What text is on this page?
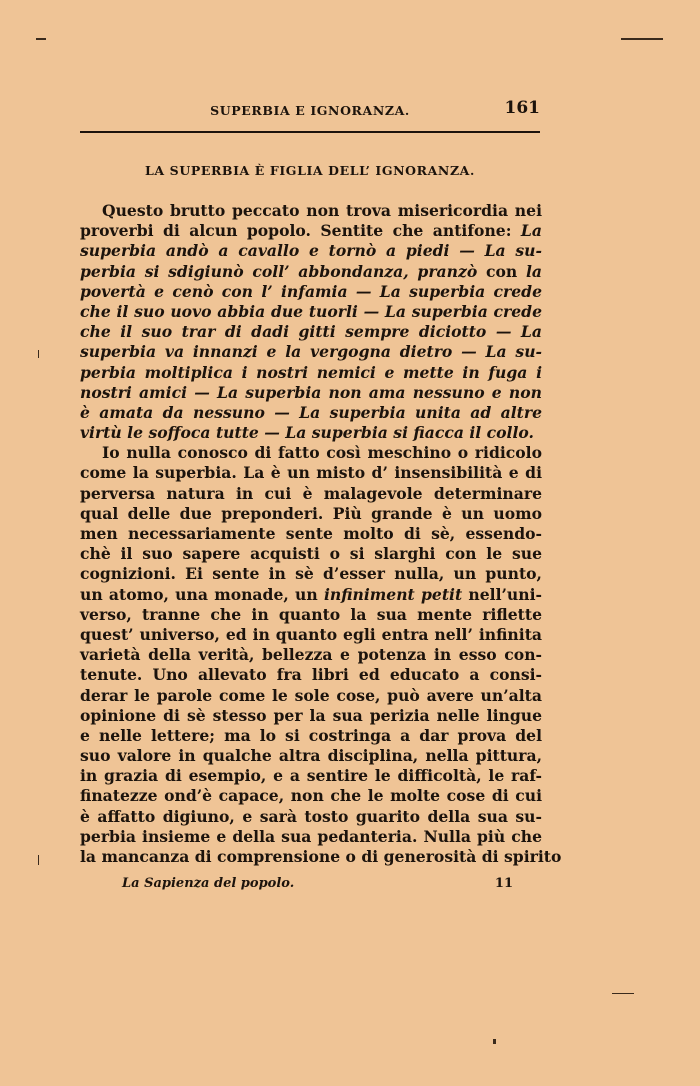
SUPERBIA E IGNORANZA.	161
LA SUPERBIA È FIGLIA DELL’ IGNORANZA.
Questo brutto peccato non trova misericordia nei
proverbi di alcun popolo. Sentite che antifone: La
superbia andò a cavallo e tornò a piedi — La su-
perbia si sdigiunò coll’ abbondanza, pranzò con la
povertà e cenò con l’ infamia — La superbia crede
che il suo uovo abbia due tuorli — La superbia crede
che il suo trar di dadi gitti sempre diciotto — La
superbia va innanzi e la vergogna dietro — La su-
perbia moltiplica i nostri nemici e mette in fuga i
nostri amici — La superbia non ama nessuno e non
è amata da nessuno — La superbia unita ad altre
virtù le soffoca tutte — La superbia si fiacca il collo.
Io nulla conosco di fatto così meschino o ridicolo
come la superbia. La è un misto d’ insensibilità e di
perversa natura in cui è malagevole determinare
qual delle due preponderi. Più grande è un uomo
men necessariamente sente molto di sè, essendo-
chè il suo sapere acquisti o si slarghi con le sue
cognizioni. Ei sente in sè d’esser nulla, un punto,
un atomo, una monade, un infiniment petit nell’uni-
verso, tranne che in quanto la sua mente riflette
quest’ universo, ed in quanto egli entra nell’ infinita
varietà della verità, bellezza e potenza in esso con-
tenute. Uno allevato fra libri ed educato a consi-
derar le parole come le sole cose, può avere un’alta
opinione di sè stesso per la sua perizia nelle lingue
e nelle lettere; ma lo si costringa a dar prova del
suo valore in qualche altra disciplina, nella pittura,
in grazia di esempio, e a sentire le difficoltà, le raf-
finatezze ond’è capace, non che le molte cose di cui
è affatto digiuno, e sarà tosto guarito della sua su-
perbia insieme e della sua pedanteria. Nulla più che
la mancanza di comprensione o di generosità di spirito
La Sapienza del popolo.	11
